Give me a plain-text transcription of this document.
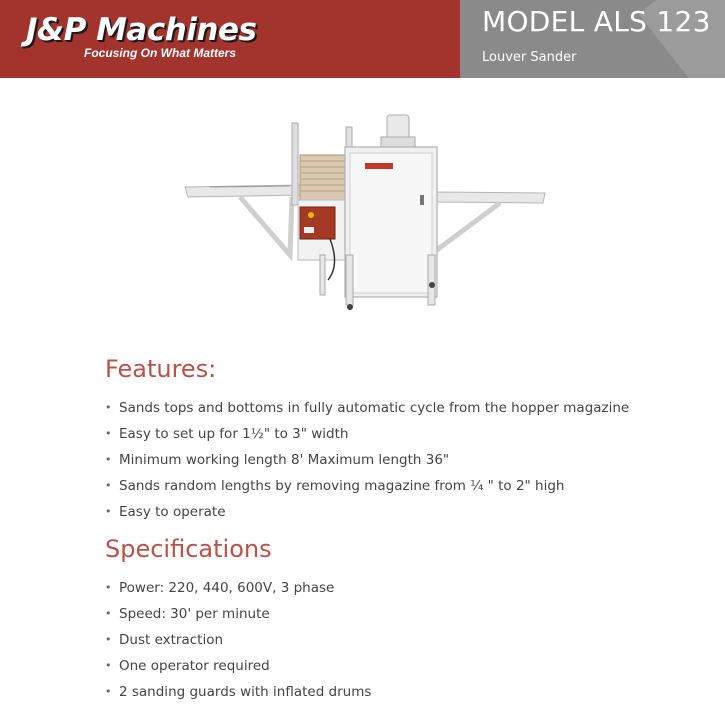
J&P Machines
Focusing On What Matters
MODEL ALS 123
Louver Sander
Features:
• Sands tops and bottoms in fully automatic cycle from the hopper magazine
• Easy to set up for 1½" to 3" width
• Minimum working length 8' Maximum length 36"
• Sands random lengths by removing magazine from ¼ " to 2" high
• Easy to operate
Specifications
• Power: 220, 440, 600V, 3 phase
• Speed: 30' per minute
• Dust extraction
• One operator required
• 2 sanding guards with inflated drums
